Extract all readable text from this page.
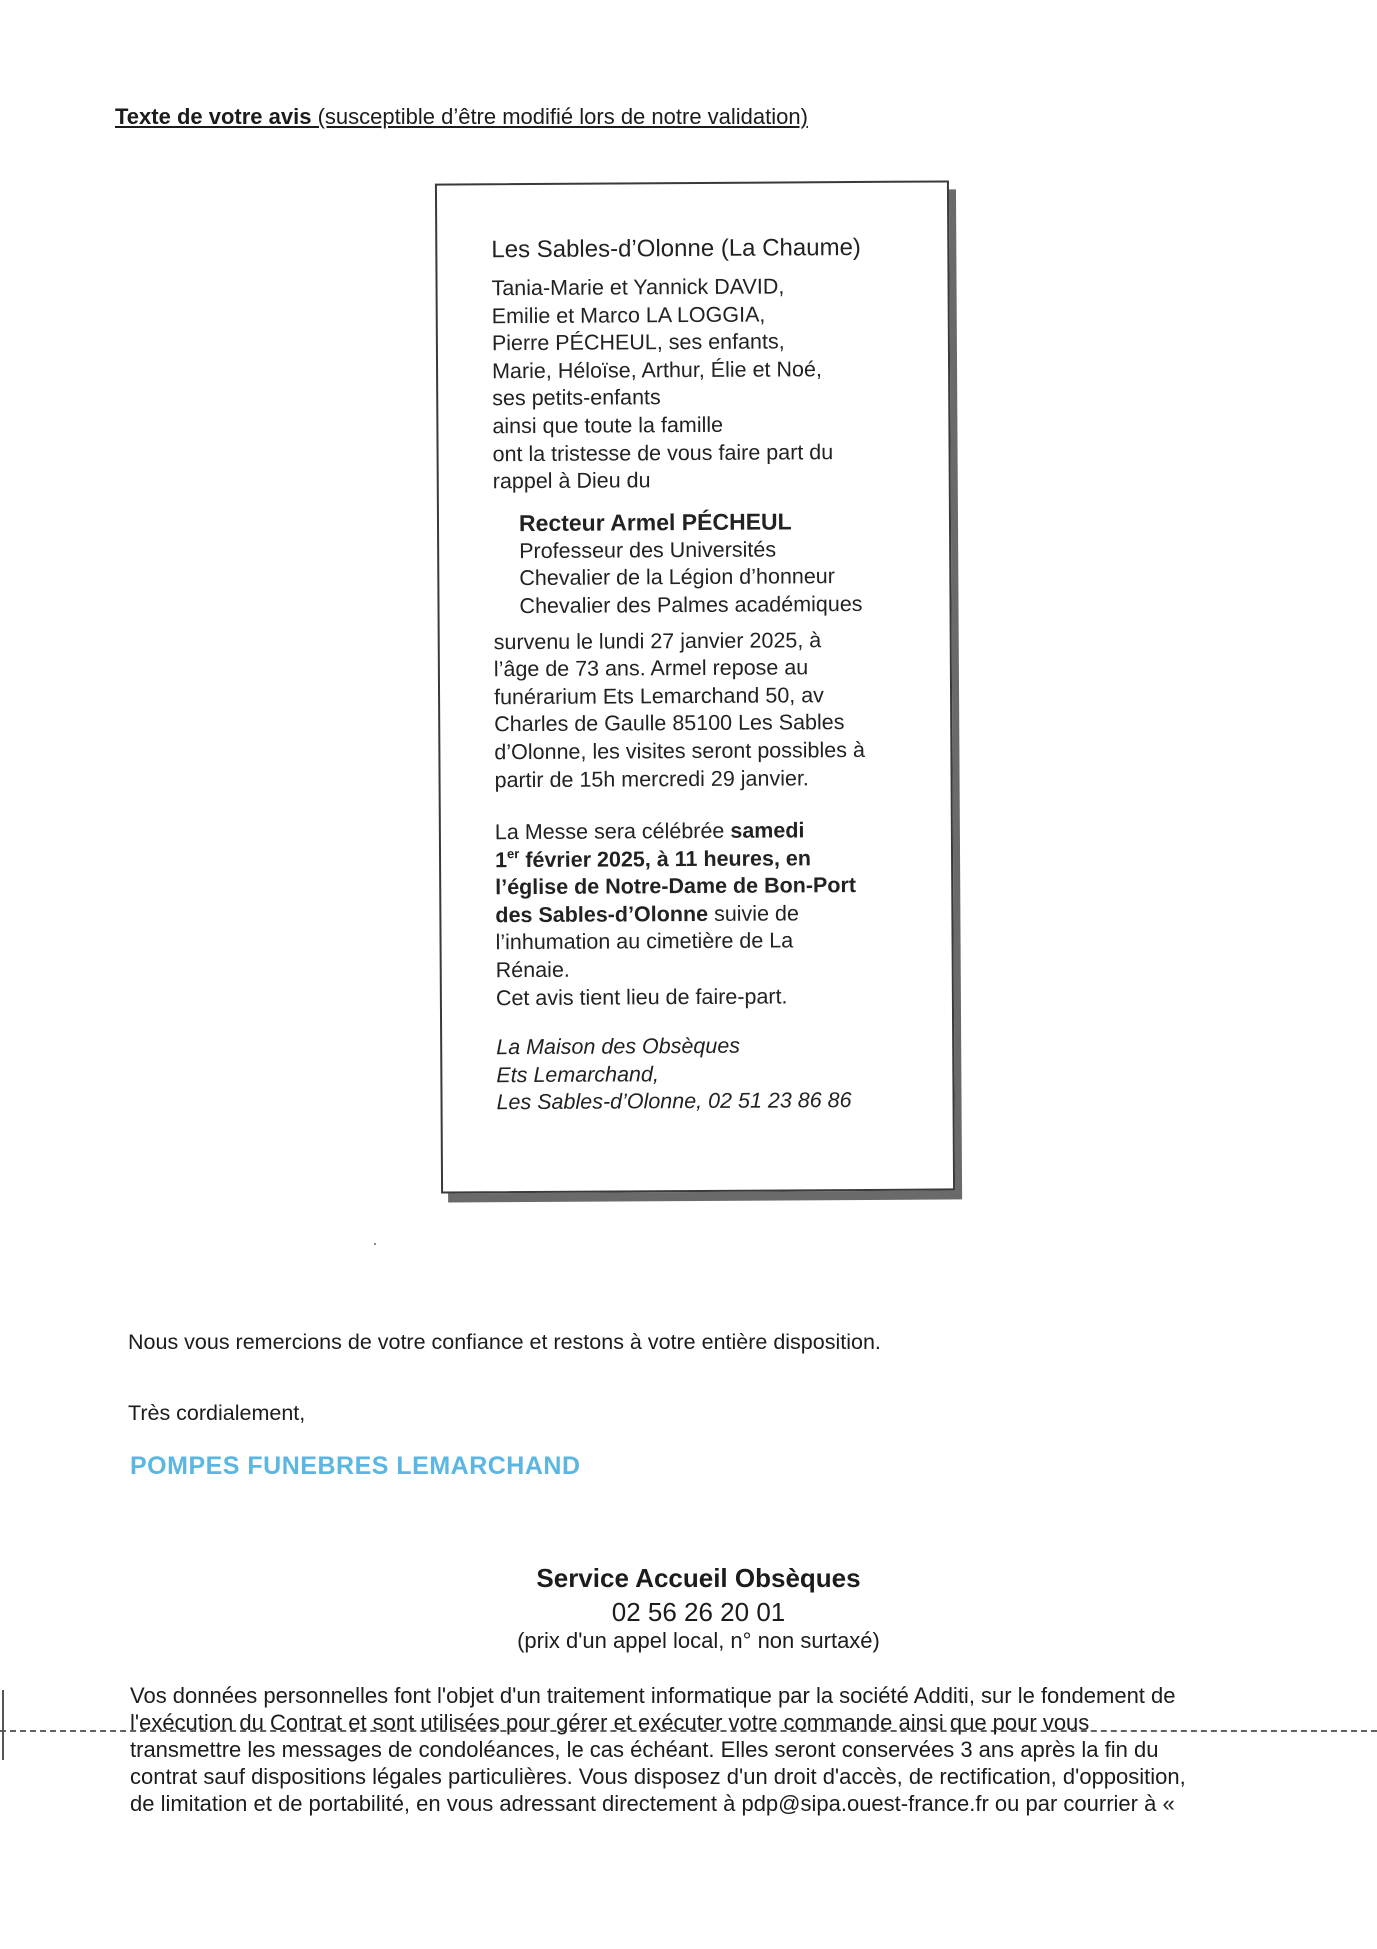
Texte de votre avis (susceptible d’être modifié lors de notre validation)
Les Sables-d’Olonne (La Chaume)
Tania-Marie et Yannick DAVID,
Emilie et Marco LA LOGGIA,
Pierre PÉCHEUL, ses enfants,
Marie, Héloïse, Arthur, Élie et Noé,
ses petits-enfants
ainsi que toute la famille
ont la tristesse de vous faire part du
rappel à Dieu du
Recteur Armel PÉCHEUL
Professeur des Universités
Chevalier de la Légion d’honneur
Chevalier des Palmes académiques
survenu le lundi 27 janvier 2025, à
l’âge de 73 ans. Armel repose au
funérarium Ets Lemarchand 50, av
Charles de Gaulle 85100 Les Sables
d’Olonne, les visites seront possibles à
partir de 15h mercredi 29 janvier.
La Messe sera célébrée samedi
1er février 2025, à 11 heures, en
l’église de Notre-Dame de Bon-Port
des Sables-d’Olonne suivie de
l’inhumation au cimetière de La
Rénaie.
Cet avis tient lieu de faire-part.
La Maison des Obsèques
Ets Lemarchand,
Les Sables-d’Olonne, 02 51 23 86 86
Nous vous remercions de votre confiance et restons à votre entière disposition.
Très cordialement,
POMPES FUNEBRES LEMARCHAND
Service Accueil Obsèques
02 56 26 20 01
(prix d'un appel local, n° non surtaxé)
Vos données personnelles font l'objet d'un traitement informatique par la société Additi, sur le fondement de
l'exécution du Contrat et sont utilisées pour gérer et exécuter votre commande ainsi que pour vous
transmettre les messages de condoléances, le cas échéant. Elles seront conservées 3 ans après la fin du
contrat sauf dispositions légales particulières. Vous disposez d'un droit d'accès, de rectification, d'opposition,
de limitation et de portabilité, en vous adressant directement à pdp@sipa.ouest-france.fr ou par courrier à «
